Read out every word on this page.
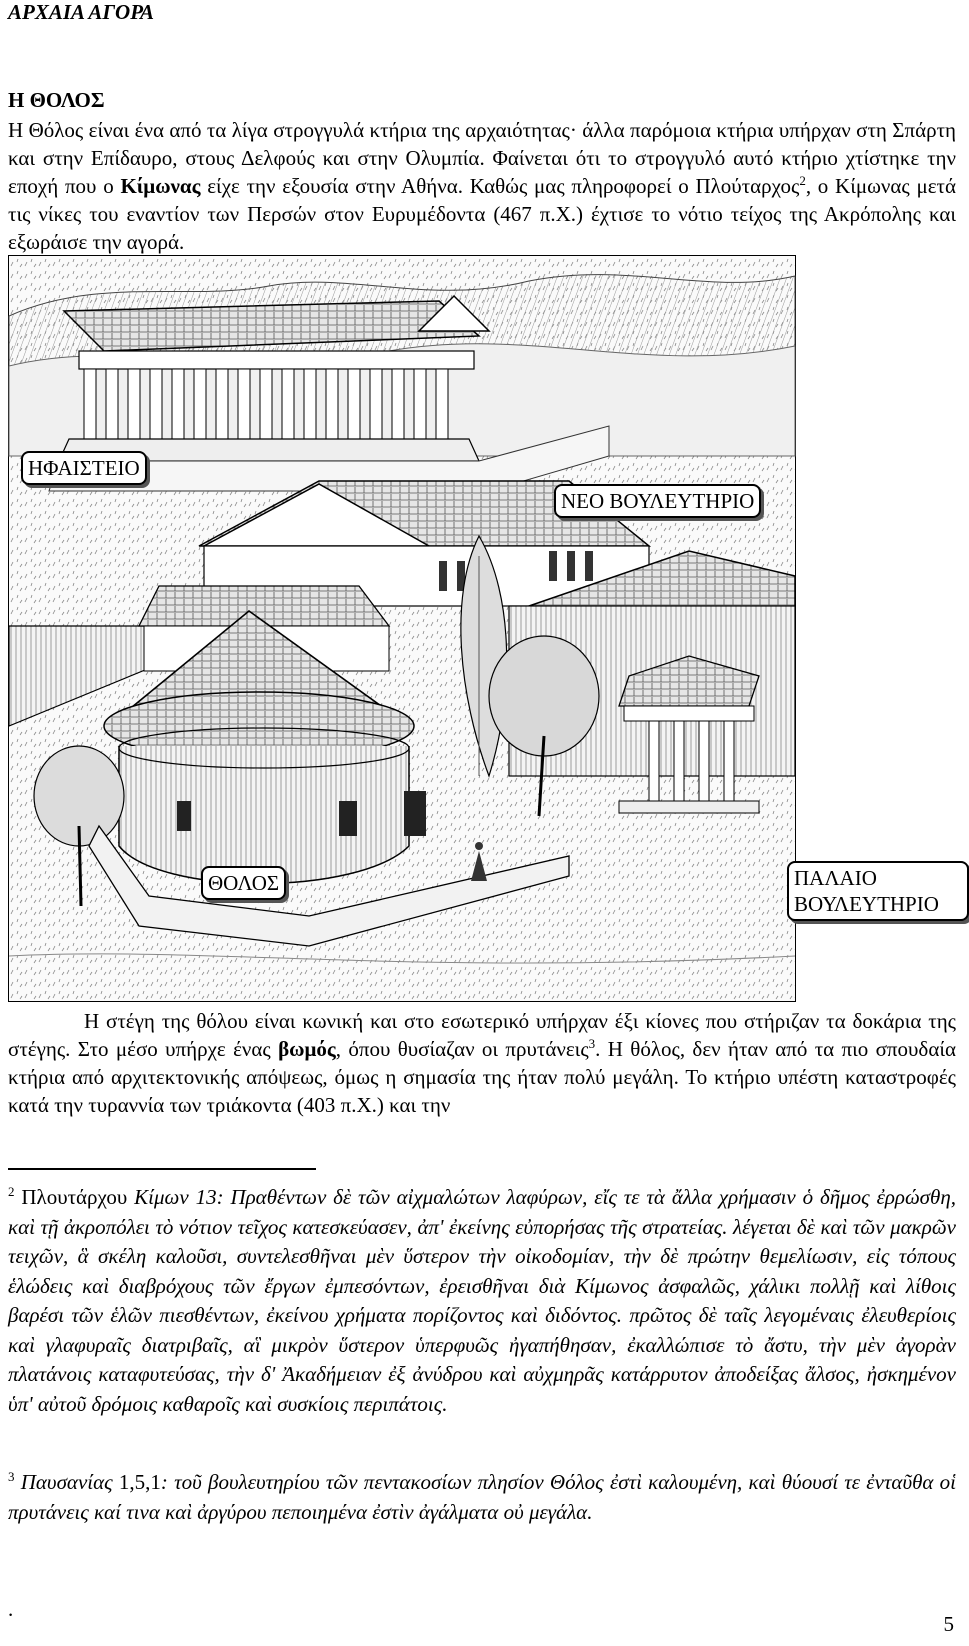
ΑΡΧΑΙΑ ΑΓΟΡΑ
Η ΘΟΛΟΣ
Η Θόλος είναι ένα από τα λίγα στρογγυλά κτήρια της αρχαιότητας· άλλα παρόμοια κτήρια υπήρχαν στη Σπάρτη και στην Επίδαυρο, στους Δελφούς και στην Ολυμπία. Φαίνεται ότι το στρογγυλό αυτό κτήριο χτίστηκε την εποχή που ο Κίμωνας είχε την εξουσία στην Αθήνα. Καθώς μας πληροφορεί ο Πλούταρχος$^2$, ο Κίμωνας μετά τις νίκες του εναντίον των Περσών στον Ευρυμέδοντα (467 π.Χ.) έχτισε το νότιο τείχος της Ακρόπολης και εξωράισε την αγορά.
ΗΦΑΙΣΤΕΙΟ
ΝΕΟ ΒΟΥΛΕΥΤΗΡΙΟ
ΠΑΛΑΙΟ ΒΟΥΛΕΥΤΗΡΙΟ
ΘΟΛΟΣ
Η στέγη της θόλου είναι κωνική και στο εσωτερικό υπήρχαν έξι κίονες που στήριζαν τα δοκάρια της στέγης. Στο μέσο υπήρχε ένας βωμός, όπου θυσίαζαν οι πρυτάνεις$^3$. Η θόλος, δεν ήταν από τα πιο σπουδαία κτήρια από αρχιτεκτονικής απόψεως, όμως η σημασία της ήταν πολύ μεγάλη. Το κτήριο υπέστη καταστροφές κατά την τυραννία των τριάκοντα (403 π.Χ.) και την
$^2$ Πλουτάρχου Κίμων 13: Πραθέντων δὲ τῶν αἰχμαλώτων λαφύρων, εἴς τε τὰ ἄλλα χρήμασιν ὁ δῆμος ἐρρώσθη, καὶ τῇ ἀκροπόλει τὸ νότιον τεῖχος κατεσκεύασεν, ἀπ' ἐκείνης εὐπορήσας τῆς στρατείας. λέγεται δὲ καὶ τῶν μακρῶν τειχῶν, ἃ σκέλη καλοῦσι, συντελεσθῆναι μὲν ὕστερον τὴν οἰκοδομίαν, τὴν δὲ πρώτην θεμελίωσιν, εἰς τόπους ἑλώδεις καὶ διαβρόχους τῶν ἔργων ἐμπεσόντων, ἐρεισθῆναι διὰ Κίμωνος ἀσφαλῶς, χάλικι πολλῇ καὶ λίθοις βαρέσι τῶν ἑλῶν πιεσθέντων, ἐκείνου χρήματα πορίζοντος καὶ διδόντος. πρῶτος δὲ ταῖς λεγομέναις ἐλευθερίοις καὶ γλαφυραῖς διατριβαῖς, αἳ μικρὸν ὕστερον ὑπερφυῶς ἠγαπήθησαν, ἐκαλλώπισε τὸ ἄστυ, τὴν μὲν ἀγορὰν πλατάνοις καταφυτεύσας, τὴν δ' Ἀκαδήμειαν ἐξ ἀνύδρου καὶ αὐχμηρᾶς κατάρρυτον ἀποδείξας ἄλσος, ἠσκημένον ὑπ' αὐτοῦ δρόμοις καθαροῖς καὶ συσκίοις περιπάτοις.
$^3$ Παυσανίας 1,5,1: τοῦ βουλευτηρίου τῶν πεντακοσίων πλησίον Θόλος ἐστὶ καλουμένη, καὶ θύουσί τε ἐνταῦθα οἱ πρυτάνεις καί τινα καὶ ἀργύρου πεποιημένα ἐστὶν ἀγάλματα οὐ μεγάλα.
.
5
